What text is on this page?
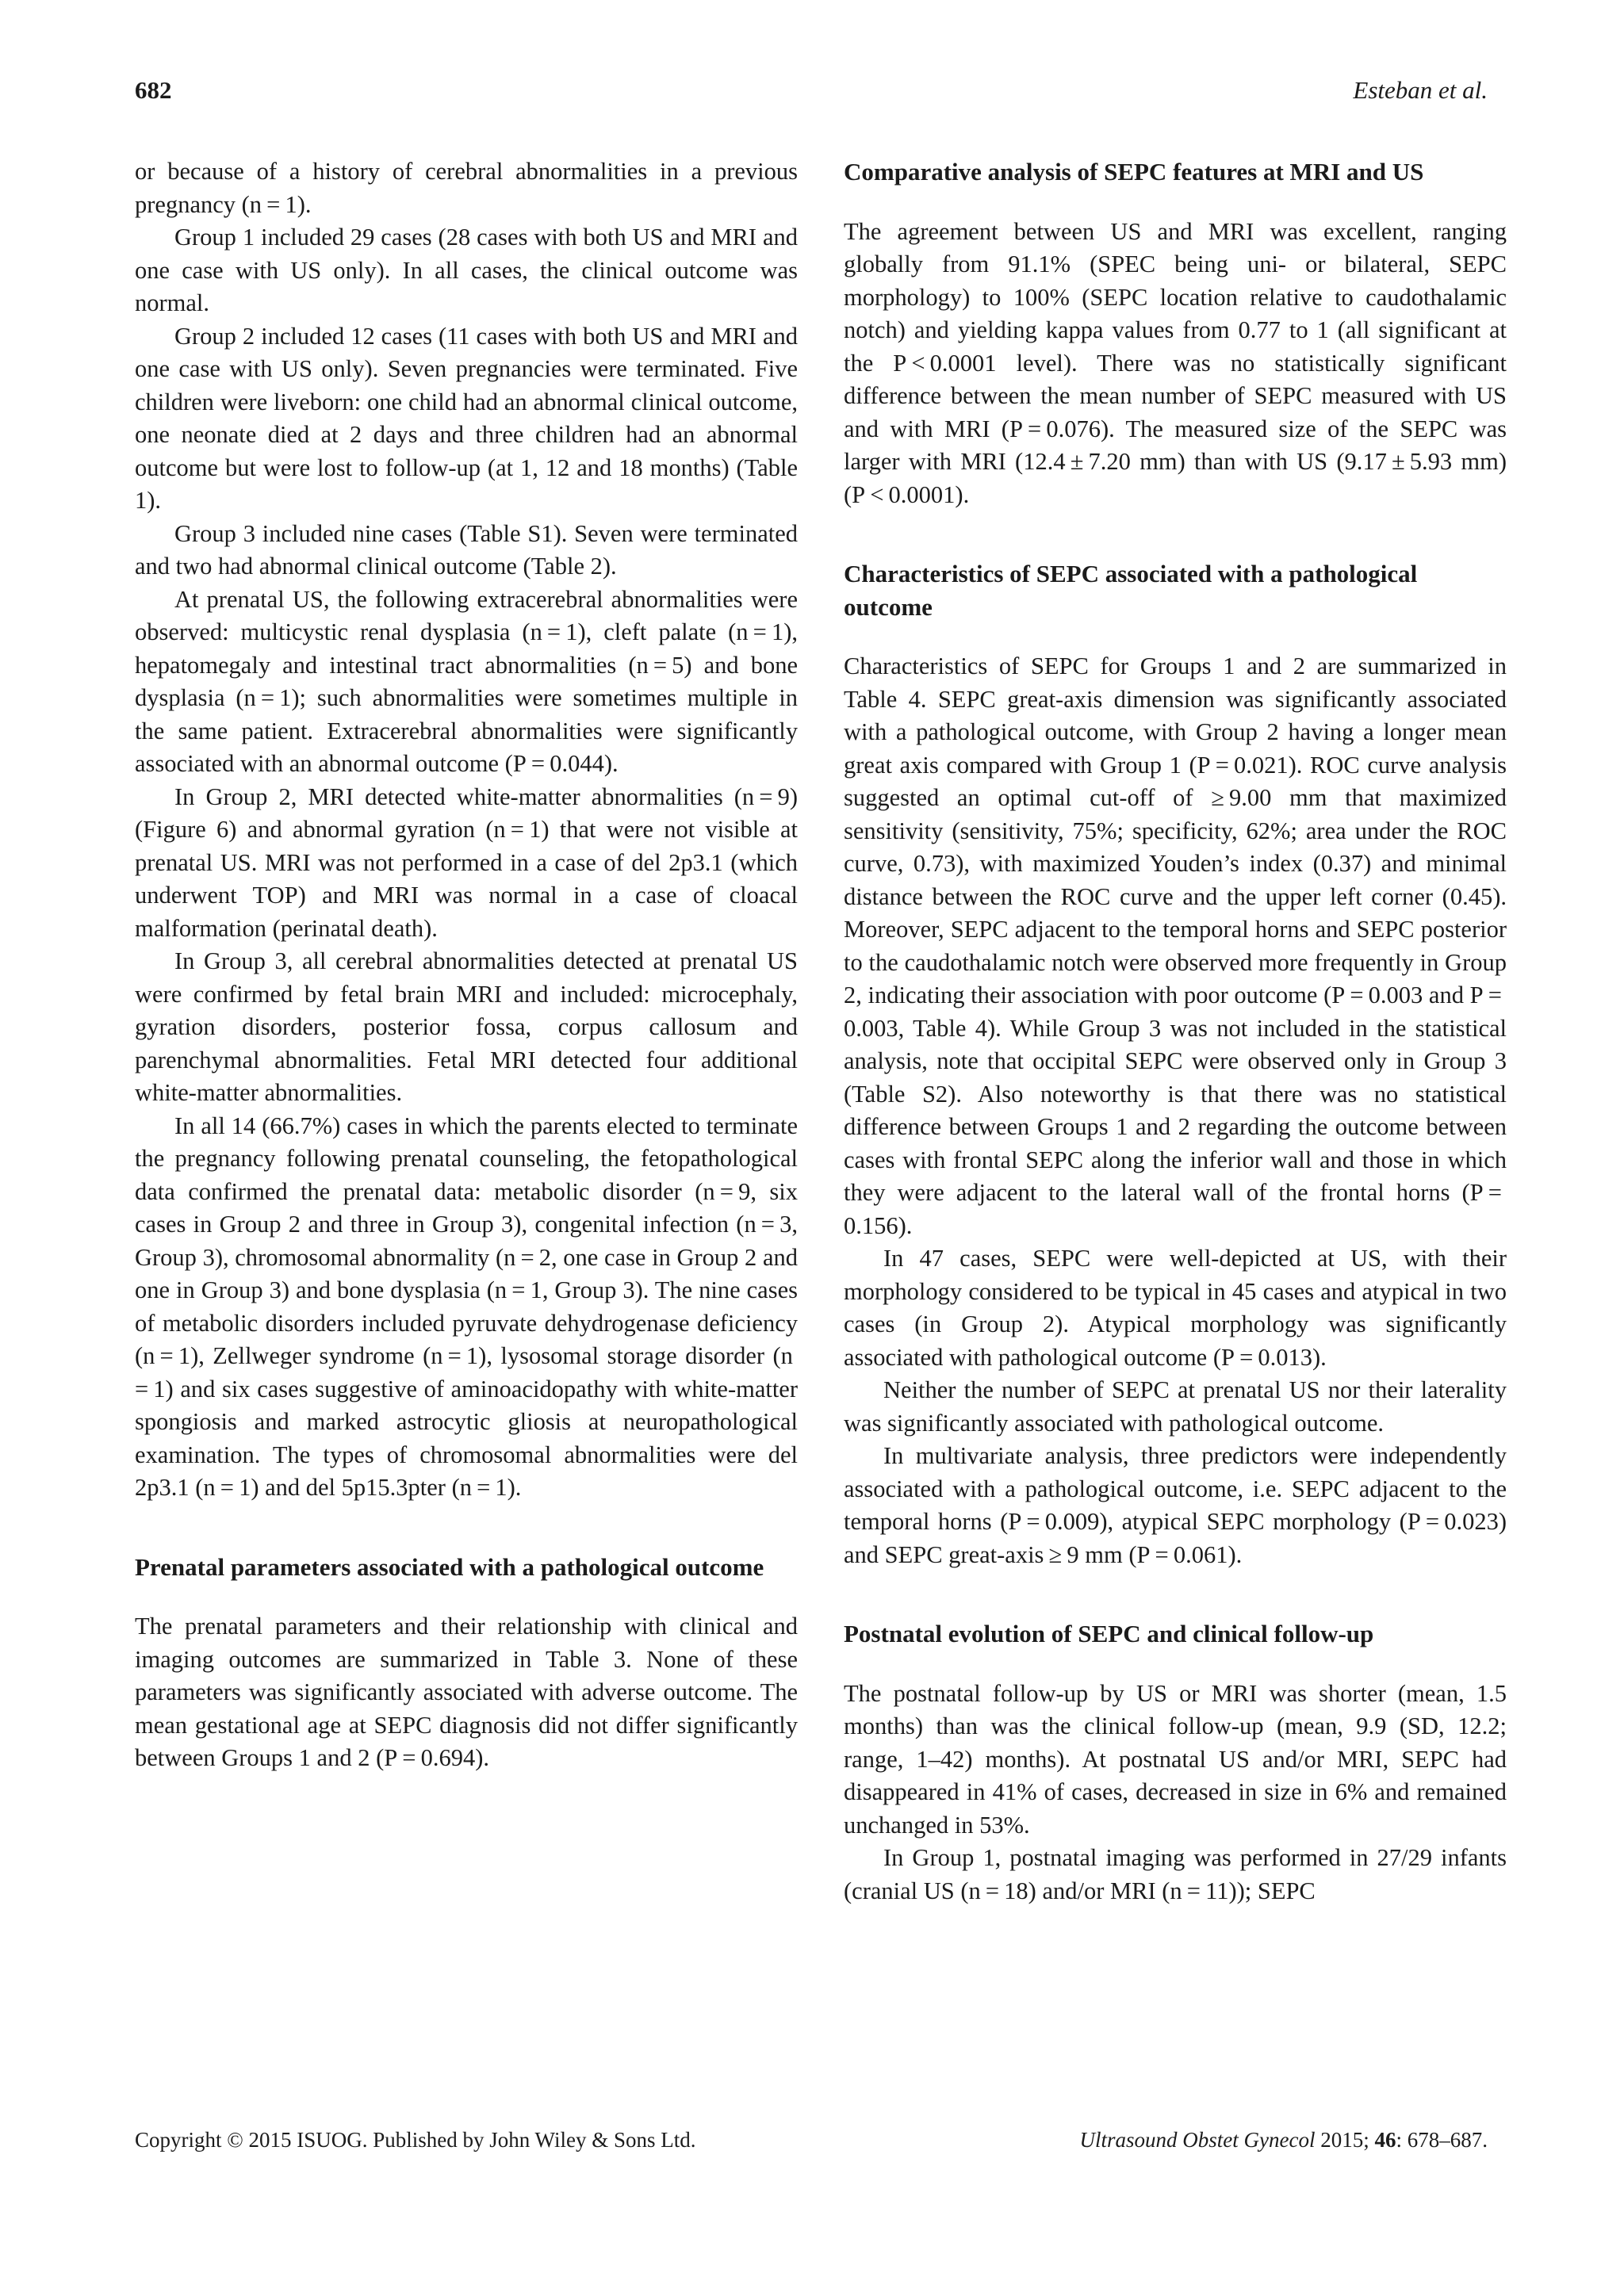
682	Esteban et al.

or because of a history of cerebral abnormalities in a previous pregnancy (n = 1).

Group 1 included 29 cases (28 cases with both US and MRI and one case with US only). In all cases, the clinical outcome was normal.

Group 2 included 12 cases (11 cases with both US and MRI and one case with US only). Seven pregnancies were terminated. Five children were liveborn: one child had an abnormal clinical outcome, one neonate died at 2 days and three children had an abnormal outcome but were lost to follow-up (at 1, 12 and 18 months) (Table 1).

Group 3 included nine cases (Table S1). Seven were terminated and two had abnormal clinical outcome (Table 2).

At prenatal US, the following extracerebral abnormalities were observed: multicystic renal dysplasia (n = 1), cleft palate (n = 1), hepatomegaly and intestinal tract abnormalities (n = 5) and bone dysplasia (n = 1); such abnormalities were sometimes multiple in the same patient. Extracerebral abnormalities were significantly associated with an abnormal outcome (P = 0.044).

In Group 2, MRI detected white-matter abnormalities (n = 9) (Figure 6) and abnormal gyration (n = 1) that were not visible at prenatal US. MRI was not performed in a case of del 2p3.1 (which underwent TOP) and MRI was normal in a case of cloacal malformation (perinatal death).

In Group 3, all cerebral abnormalities detected at prenatal US were confirmed by fetal brain MRI and included: microcephaly, gyration disorders, posterior fossa, corpus callosum and parenchymal abnormalities. Fetal MRI detected four additional white-matter abnormalities.

In all 14 (66.7%) cases in which the parents elected to terminate the pregnancy following prenatal counseling, the fetopathological data confirmed the prenatal data: metabolic disorder (n = 9, six cases in Group 2 and three in Group 3), congenital infection (n = 3, Group 3), chromosomal abnormality (n = 2, one case in Group 2 and one in Group 3) and bone dysplasia (n = 1, Group 3). The nine cases of metabolic disorders included pyruvate dehydrogenase deficiency (n = 1), Zellweger syndrome (n = 1), lysosomal storage disorder (n = 1) and six cases suggestive of aminoacidopathy with white-matter spongiosis and marked astrocytic gliosis at neuropathological examination. The types of chromosomal abnormalities were del 2p3.1 (n = 1) and del 5p15.3pter (n = 1).

Prenatal parameters associated with a pathological outcome

The prenatal parameters and their relationship with clinical and imaging outcomes are summarized in Table 3. None of these parameters was significantly associated with adverse outcome. The mean gestational age at SEPC diagnosis did not differ significantly between Groups 1 and 2 (P = 0.694).

Comparative analysis of SEPC features at MRI and US

The agreement between US and MRI was excellent, ranging globally from 91.1% (SPEC being uni- or bilateral, SEPC morphology) to 100% (SEPC location relative to caudothalamic notch) and yielding kappa values from 0.77 to 1 (all significant at the P < 0.0001 level). There was no statistically significant difference between the mean number of SEPC measured with US and with MRI (P = 0.076). The measured size of the SEPC was larger with MRI (12.4 ± 7.20 mm) than with US (9.17 ± 5.93 mm) (P < 0.0001).

Characteristics of SEPC associated with a pathological outcome

Characteristics of SEPC for Groups 1 and 2 are summarized in Table 4. SEPC great-axis dimension was significantly associated with a pathological outcome, with Group 2 having a longer mean great axis compared with Group 1 (P = 0.021). ROC curve analysis suggested an optimal cut-off of ≥ 9.00 mm that maximized sensitivity (sensitivity, 75%; specificity, 62%; area under the ROC curve, 0.73), with maximized Youden’s index (0.37) and minimal distance between the ROC curve and the upper left corner (0.45). Moreover, SEPC adjacent to the temporal horns and SEPC posterior to the caudothalamic notch were observed more frequently in Group 2, indicating their association with poor outcome (P = 0.003 and P = 0.003, Table 4). While Group 3 was not included in the statistical analysis, note that occipital SEPC were observed only in Group 3 (Table S2). Also noteworthy is that there was no statistical difference between Groups 1 and 2 regarding the outcome between cases with frontal SEPC along the inferior wall and those in which they were adjacent to the lateral wall of the frontal horns (P = 0.156).

In 47 cases, SEPC were well-depicted at US, with their morphology considered to be typical in 45 cases and atypical in two cases (in Group 2). Atypical morphology was significantly associated with pathological outcome (P = 0.013).

Neither the number of SEPC at prenatal US nor their laterality was significantly associated with pathological outcome.

In multivariate analysis, three predictors were independently associated with a pathological outcome, i.e. SEPC adjacent to the temporal horns (P = 0.009), atypical SEPC morphology (P = 0.023) and SEPC great-axis ≥ 9 mm (P = 0.061).

Postnatal evolution of SEPC and clinical follow-up

The postnatal follow-up by US or MRI was shorter (mean, 1.5 months) than was the clinical follow-up (mean, 9.9 (SD, 12.2; range, 1–42) months). At postnatal US and/or MRI, SEPC had disappeared in 41% of cases, decreased in size in 6% and remained unchanged in 53%.

In Group 1, postnatal imaging was performed in 27/29 infants (cranial US (n = 18) and/or MRI (n = 11)); SEPC

Copyright © 2015 ISUOG. Published by John Wiley & Sons Ltd.	Ultrasound Obstet Gynecol 2015; 46: 678–687.
